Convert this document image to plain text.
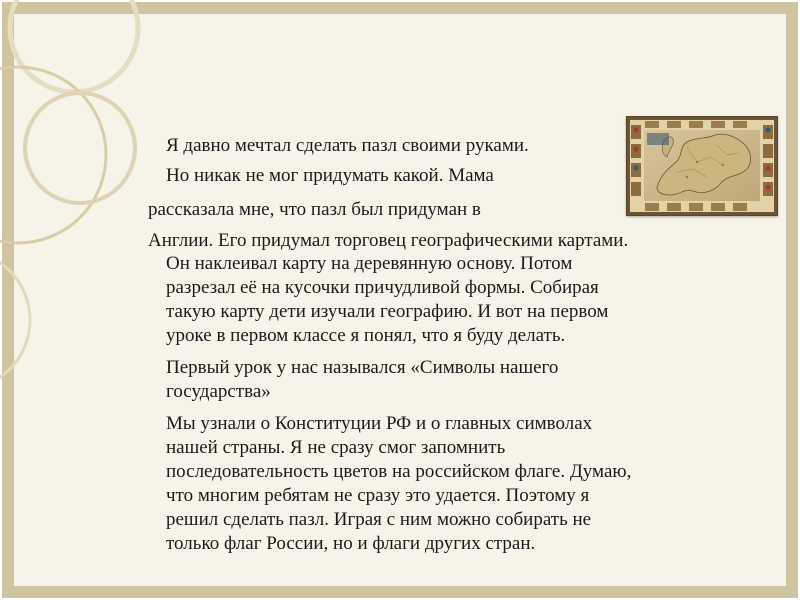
Я давно мечтал сделать пазл своими руками.
Но никак не мог придумать какой. Мама
рассказала мне, что пазл был придуман в
Англии. Его придумал торговец географическими картами.
Он наклеивал карту на деревянную основу. Потом
разрезал её на кусочки причудливой формы. Собирая
такую карту дети изучали географию. И вот на первом
уроке в первом классе я понял, что я буду делать.
Первый урок у нас назывался «Символы нашего
государства»
Мы узнали о Конституции РФ и о главных символах
нашей страны. Я не сразу смог запомнить
последовательность цветов на российском флаге. Думаю,
что многим ребятам не сразу это удается. Поэтому я
решил сделать пазл. Играя с ним можно собирать не
только флаг России, но и флаги других стран.
